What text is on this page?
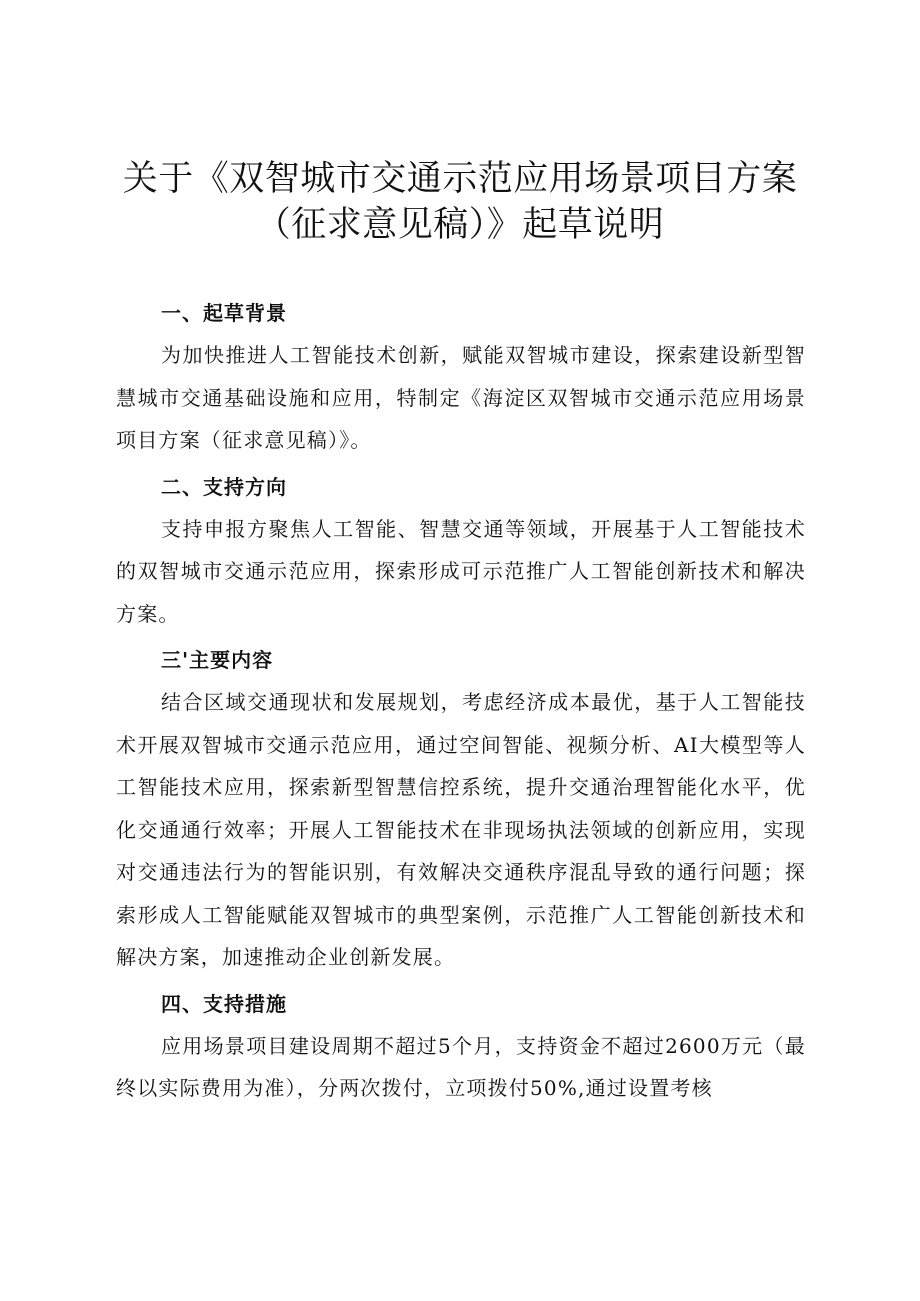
关于《双智城市交通示范应用场景项目方案（征求意见稿）》起草说明
一、起草背景

为加快推进人工智能技术创新，赋能双智城市建设，探索建设新型智慧城市交通基础设施和应用，特制定《海淀区双智城市交通示范应用场景项目方案（征求意见稿）》。

二、支持方向

支持申报方聚焦人工智能、智慧交通等领域，开展基于人工智能技术的双智城市交通示范应用，探索形成可示范推广人工智能创新技术和解决方案。

三'主要内容

结合区域交通现状和发展规划，考虑经济成本最优，基于人工智能技术开展双智城市交通示范应用，通过空间智能、视频分析、AI大模型等人工智能技术应用，探索新型智慧信控系统，提升交通治理智能化水平，优化交通通行效率；开展人工智能技术在非现场执法领域的创新应用，实现对交通违法行为的智能识别，有效解决交通秩序混乱导致的通行问题；探索形成人工智能赋能双智城市的典型案例，示范推广人工智能创新技术和解决方案，加速推动企业创新发展。

四、支持措施

应用场景项目建设周期不超过5个月，支持资金不超过2600万元（最终以实际费用为准），分两次拨付，立项拨付50%,通过设置考核
